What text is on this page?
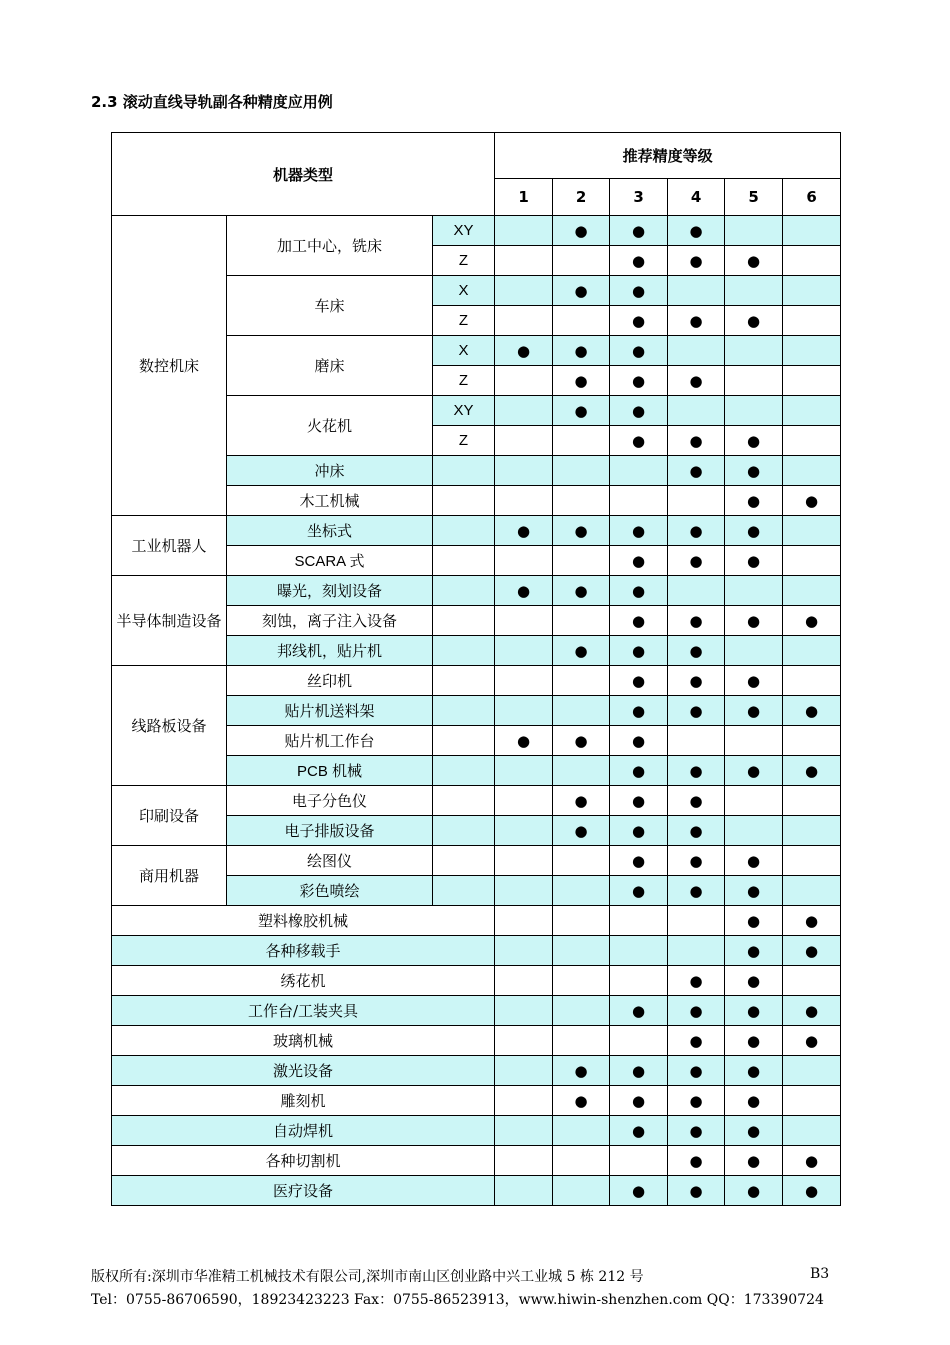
2.3 滚动直线导轨副各种精度应用例
机器类型			推荐精度等级					
			1	2	3	4	5	6
数控机床	加工中心，铣床	XY		●	●	●		
		Z			●	●	●	
	车床	X		●	●			
		Z			●	●	●	
	磨床	X	●	●	●			
		Z		●	●	●		
	火花机	XY		●	●			
		Z			●	●	●	
	冲床					●	●	
	木工机械						●	●
工业机器人	坐标式		●	●	●	●	●	
	SCARA 式				●	●	●	
半导体制造设备	曝光，刻划设备		●	●	●			
	刻蚀，离子注入设备				●	●	●	●
	邦线机，贴片机			●	●	●		
线路板设备	丝印机				●	●	●	
	贴片机送料架				●	●	●	●
	贴片机工作台		●	●	●			
	PCB 机械				●	●	●	●
印刷设备	电子分色仪			●	●	●		
	电子排版设备			●	●	●		
商用机器	绘图仪				●	●	●	
	彩色喷绘				●	●	●	
塑料橡胶机械							●	●
各种移载手							●	●
绣花机						●	●	
工作台/工装夹具					●	●	●	●
玻璃机械						●	●	●
激光设备				●	●	●	●	
雕刻机				●	●	●	●	
自动焊机					●	●	●	
各种切割机						●	●	●
医疗设备					●	●	●	●
版权所有:深圳市华准精工机械技术有限公司,深圳市南山区创业路中兴工业城 5 栋 212 号	B3
Tel：0755-86706590，18923423223 Fax：0755-86523913，www.hiwin-shenzhen.com QQ：173390724
